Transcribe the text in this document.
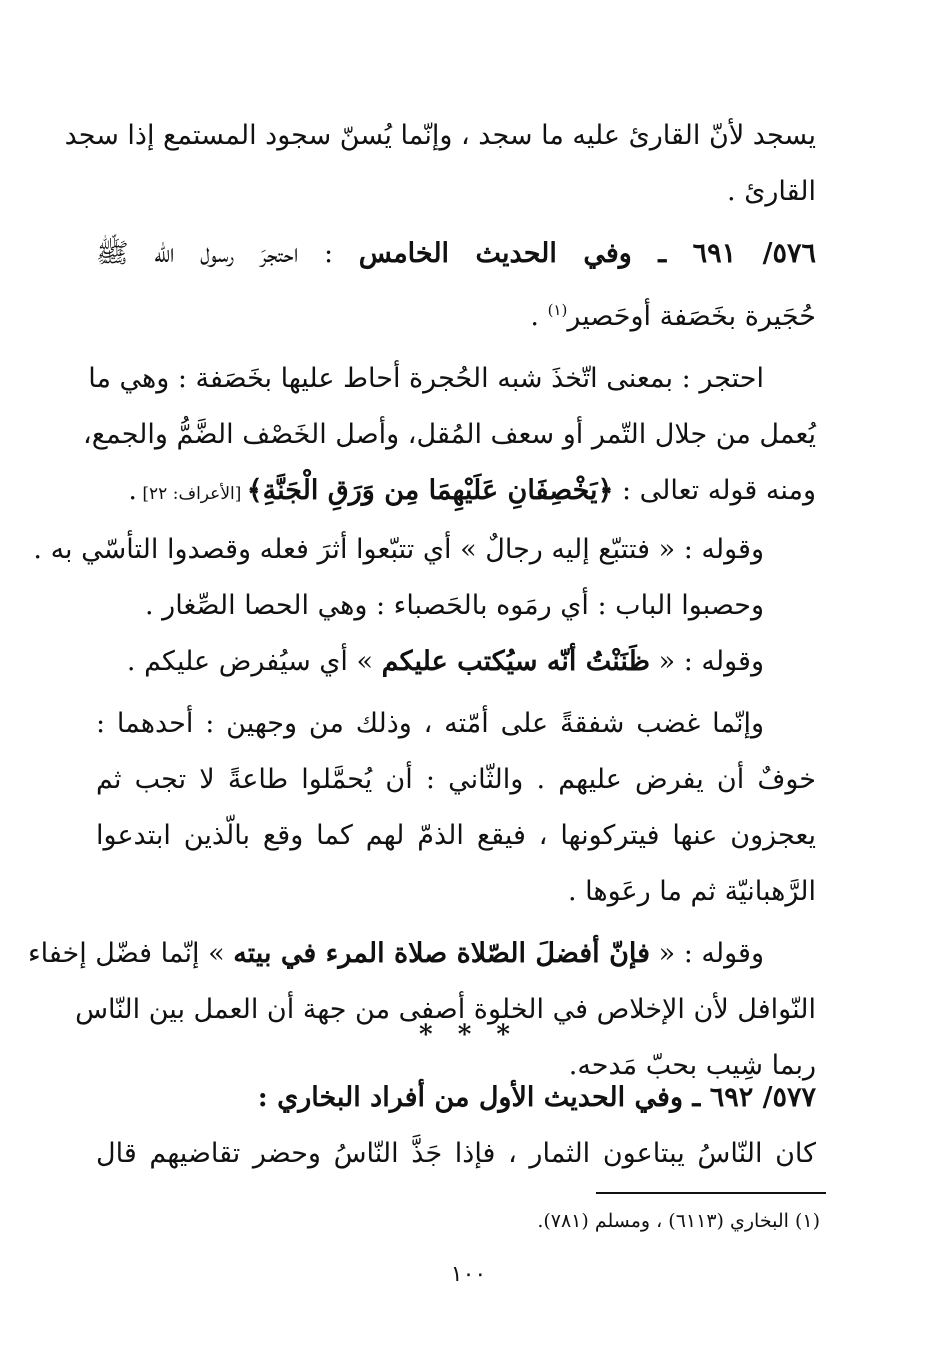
يسجد لأنّ القارئ عليه ما سجد ، وإنّما يُسنّ سجود المستمع إذا سجد
القارئ .
٥٧٦/ ٦٩١ ـ وفي الحديث الخامس : احتجرَ رسول الله ﷺ
حُجَيرة بخَصَفة أوحَصير$^{(١)}$ .
احتجر : بمعنى اتّخذَ شبه الحُجرة أحاط عليها بخَصَفة : وهي ما
يُعمل من جلال التّمر أو سعف المُقل، وأصل الخَصْف الضَّمُّ والجمع،
ومنه قوله تعالى : ﴿يَخْصِفَانِ عَلَيْهِمَا مِن وَرَقِ الْجَنَّةِ﴾ [الأعراف: ٢٢] .
وقوله : « فتتبّع إليه رجالٌ » أي تتبّعوا أثرَ فعله وقصدوا التأسّي به .
وحصبوا الباب : أي رمَوه بالحَصباء : وهي الحصا الصِّغار .
وقوله : « ظَنَنْتُ أنّه سيُكتب عليكم » أي سيُفرض عليكم .
وإنّما غضب شفقةً على أمّته ، وذلك من وجهين : أحدهما :
خوفٌ أن يفرض عليهم . والثّاني : أن يُحمَّلوا طاعةً لا تجب ثم
يعجزون عنها فيتركونها ، فيقع الذمّ لهم كما وقع بالّذين ابتدعوا
الرَّهبانيّة ثم ما رعَوها .
وقوله : « فإنّ أفضلَ الصّلاة صلاة المرء في بيته » إنّما فضّل إخفاء
النّوافل لأن الإخلاص في الخلوة أصفى من جهة أن العمل بين النّاس
ربما شِيب بحبّ مَدحه.
* * *
٥٧٧/ ٦٩٢ ـ وفي الحديث الأول من أفراد البخاري :
كان النّاسُ يبتاعون الثمار ، فإذا جَذَّ النّاسُ وحضر تقاضيهم قال
(١) البخاري (٦١١٣) ، ومسلم (٧٨١).
١٠٠
